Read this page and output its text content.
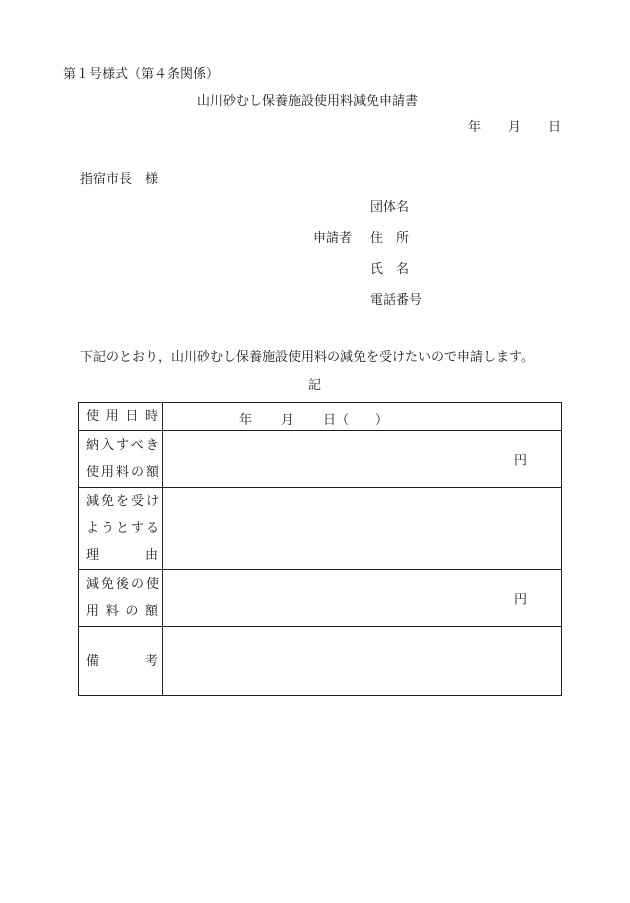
第１号様式（第４条関係）
山川砂むし保養施設使用料減免申請書
年 月 日
指宿市長 様
団体名
申請者 住 所
氏 名
電話番号
下記のとおり，山川砂むし保養施設使用料の減免を受けたいので申請します。
記
使 用 日 時	年 月 日（ ）

納入すべき
使用料の額	円

減免を受け
ようとする
理 由	

減免後の使
用 料 の 額	円

備 考	
